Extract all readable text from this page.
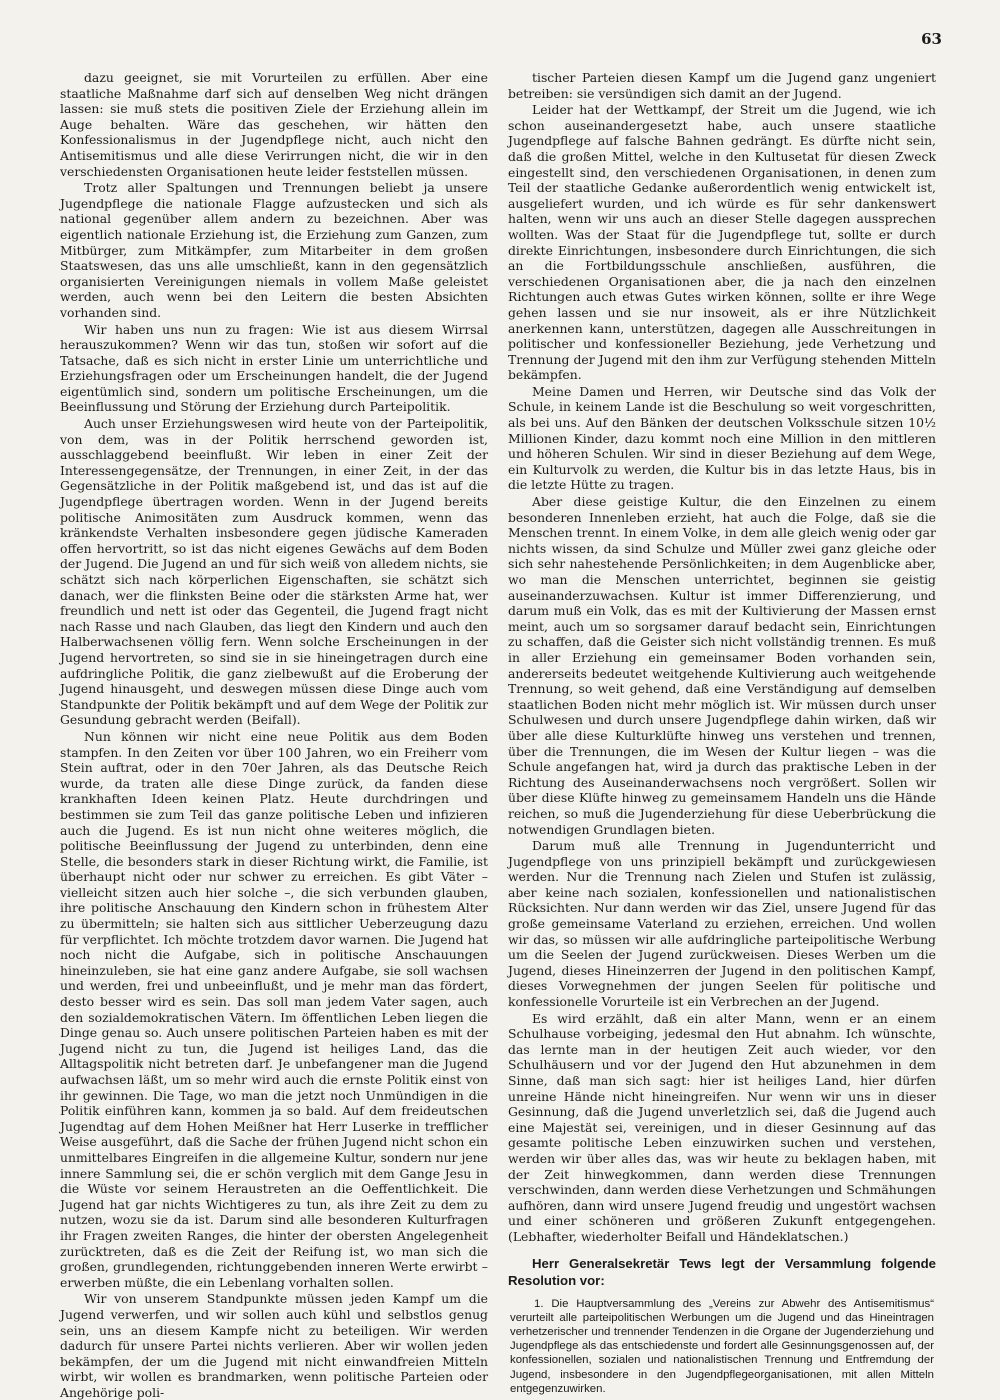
63

dazu geeignet, sie mit Vorurteilen zu erfüllen. Aber eine staatliche Maßnahme darf sich auf denselben Weg nicht drängen lassen: sie muß stets die positiven Ziele der Erziehung allein im Auge behalten. Wäre das geschehen, wir hätten den Konfessionalismus in der Jugendpflege nicht, auch nicht den Antisemitismus und alle diese Verirrungen nicht, die wir in den verschiedensten Organisationen heute leider feststellen müssen.

Trotz aller Spaltungen und Trennungen beliebt ja unsere Jugendpflege die nationale Flagge aufzustecken und sich als national gegenüber allem andern zu bezeichnen. Aber was eigentlich nationale Erziehung ist, die Erziehung zum Ganzen, zum Mitbürger, zum Mitkämpfer, zum Mitarbeiter in dem großen Staatswesen, das uns alle umschließt, kann in den gegensätzlich organisierten Vereinigungen niemals in vollem Maße geleistet werden, auch wenn bei den Leitern die besten Absichten vorhanden sind.

Wir haben uns nun zu fragen: Wie ist aus diesem Wirrsal herauszukommen? Wenn wir das tun, stoßen wir sofort auf die Tatsache, daß es sich nicht in erster Linie um unterrichtliche und Erziehungsfragen oder um Erscheinungen handelt, die der Jugend eigentümlich sind, sondern um politische Erscheinungen, um die Beeinflussung und Störung der Erziehung durch Parteipolitik.

Auch unser Erziehungswesen wird heute von der Parteipolitik, von dem, was in der Politik herrschend geworden ist, ausschlaggebend beeinflußt. Wir leben in einer Zeit der Interessengegensätze, der Trennungen, in einer Zeit, in der das Gegensätzliche in der Politik maßgebend ist, und das ist auf die Jugendpflege übertragen worden. Wenn in der Jugend bereits politische Animositäten zum Ausdruck kommen, wenn das kränkendste Verhalten insbesondere gegen jüdische Kameraden offen hervortritt, so ist das nicht eigenes Gewächs auf dem Boden der Jugend. Die Jugend an und für sich weiß von alledem nichts, sie schätzt sich nach körperlichen Eigenschaften, sie schätzt sich danach, wer die flinksten Beine oder die stärksten Arme hat, wer freundlich und nett ist oder das Gegenteil, die Jugend fragt nicht nach Rasse und nach Glauben, das liegt den Kindern und auch den Halberwachsenen völlig fern. Wenn solche Erscheinungen in der Jugend hervortreten, so sind sie in sie hineingetragen durch eine aufdringliche Politik, die ganz zielbewußt auf die Eroberung der Jugend hinausgeht, und deswegen müssen diese Dinge auch vom Standpunkte der Politik bekämpft und auf dem Wege der Politik zur Gesundung gebracht werden (Beifall).

Nun können wir nicht eine neue Politik aus dem Boden stampfen. In den Zeiten vor über 100 Jahren, wo ein Freiherr vom Stein auftrat, oder in den 70er Jahren, als das Deutsche Reich wurde, da traten alle diese Dinge zurück, da fanden diese krankhaften Ideen keinen Platz. Heute durchdringen und bestimmen sie zum Teil das ganze politische Leben und infizieren auch die Jugend. Es ist nun nicht ohne weiteres möglich, die politische Beeinflussung der Jugend zu unterbinden, denn eine Stelle, die besonders stark in dieser Richtung wirkt, die Familie, ist überhaupt nicht oder nur schwer zu erreichen. Es gibt Väter – vielleicht sitzen auch hier solche –, die sich verbunden glauben, ihre politische Anschauung den Kindern schon in frühestem Alter zu übermitteln; sie halten sich aus sittlicher Ueberzeugung dazu für verpflichtet. Ich möchte trotzdem davor warnen. Die Jugend hat noch nicht die Aufgabe, sich in politische Anschauungen hineinzuleben, sie hat eine ganz andere Aufgabe, sie soll wachsen und werden, frei und unbeeinflußt, und je mehr man das fördert, desto besser wird es sein. Das soll man jedem Vater sagen, auch den sozialdemokratischen Vätern. Im öffentlichen Leben liegen die Dinge genau so. Auch unsere politischen Parteien haben es mit der Jugend nicht zu tun, die Jugend ist heiliges Land, das die Alltagspolitik nicht betreten darf. Je unbefangener man die Jugend aufwachsen läßt, um so mehr wird auch die ernste Politik einst von ihr gewinnen. Die Tage, wo man die jetzt noch Unmündigen in die Politik einführen kann, kommen ja so bald. Auf dem freideutschen Jugendtag auf dem Hohen Meißner hat Herr Luserke in trefflicher Weise ausgeführt, daß die Sache der frühen Jugend nicht schon ein unmittelbares Eingreifen in die allgemeine Kultur, sondern nur jene innere Sammlung sei, die er schön verglich mit dem Gange Jesu in die Wüste vor seinem Heraustreten an die Oeffentlichkeit. Die Jugend hat gar nichts Wichtigeres zu tun, als ihre Zeit zu dem zu nutzen, wozu sie da ist. Darum sind alle besonderen Kulturfragen ihr Fragen zweiten Ranges, die hinter der obersten Angelegenheit zurücktreten, daß es die Zeit der Reifung ist, wo man sich die großen, grundlegenden, richtunggebenden inneren Werte erwirbt – erwerben müßte, die ein Lebenlang vorhalten sollen.

Wir von unserem Standpunkte müssen jeden Kampf um die Jugend verwerfen, und wir sollen auch kühl und selbstlos genug sein, uns an diesem Kampfe nicht zu beteiligen. Wir werden dadurch für unsere Partei nichts verlieren. Aber wir wollen jeden bekämpfen, der um die Jugend mit nicht einwandfreien Mitteln wirbt, wir wollen es brandmarken, wenn politische Parteien oder Angehörige poli-

tischer Parteien diesen Kampf um die Jugend ganz ungeniert betreiben: sie versündigen sich damit an der Jugend.

Leider hat der Wettkampf, der Streit um die Jugend, wie ich schon auseinandergesetzt habe, auch unsere staatliche Jugendpflege auf falsche Bahnen gedrängt. Es dürfte nicht sein, daß die großen Mittel, welche in den Kultusetat für diesen Zweck eingestellt sind, den verschiedenen Organisationen, in denen zum Teil der staatliche Gedanke außerordentlich wenig entwickelt ist, ausgeliefert wurden, und ich würde es für sehr dankenswert halten, wenn wir uns auch an dieser Stelle dagegen aussprechen wollten. Was der Staat für die Jugendpflege tut, sollte er durch direkte Einrichtungen, insbesondere durch Einrichtungen, die sich an die Fortbildungsschule anschließen, ausführen, die verschiedenen Organisationen aber, die ja nach den einzelnen Richtungen auch etwas Gutes wirken können, sollte er ihre Wege gehen lassen und sie nur insoweit, als er ihre Nützlichkeit anerkennen kann, unterstützen, dagegen alle Ausschreitungen in politischer und konfessioneller Beziehung, jede Verhetzung und Trennung der Jugend mit den ihm zur Verfügung stehenden Mitteln bekämpfen.

Meine Damen und Herren, wir Deutsche sind das Volk der Schule, in keinem Lande ist die Beschulung so weit vorgeschritten, als bei uns. Auf den Bänken der deutschen Volksschule sitzen 10½ Millionen Kinder, dazu kommt noch eine Million in den mittleren und höheren Schulen. Wir sind in dieser Beziehung auf dem Wege, ein Kulturvolk zu werden, die Kultur bis in das letzte Haus, bis in die letzte Hütte zu tragen.

Aber diese geistige Kultur, die den Einzelnen zu einem besonderen Innenleben erzieht, hat auch die Folge, daß sie die Menschen trennt. In einem Volke, in dem alle gleich wenig oder gar nichts wissen, da sind Schulze und Müller zwei ganz gleiche oder sich sehr nahestehende Persönlichkeiten; in dem Augenblicke aber, wo man die Menschen unterrichtet, beginnen sie geistig auseinanderzuwachsen. Kultur ist immer Differenzierung, und darum muß ein Volk, das es mit der Kultivierung der Massen ernst meint, auch um so sorgsamer darauf bedacht sein, Einrichtungen zu schaffen, daß die Geister sich nicht vollständig trennen. Es muß in aller Erziehung ein gemeinsamer Boden vorhanden sein, andererseits bedeutet weitgehende Kultivierung auch weitgehende Trennung, so weit gehend, daß eine Verständigung auf demselben staatlichen Boden nicht mehr möglich ist. Wir müssen durch unser Schulwesen und durch unsere Jugendpflege dahin wirken, daß wir über alle diese Kulturklüfte hinweg uns verstehen und trennen, über die Trennungen, die im Wesen der Kultur liegen – was die Schule angefangen hat, wird ja durch das praktische Leben in der Richtung des Auseinanderwachsens noch vergrößert. Sollen wir über diese Klüfte hinweg zu gemeinsamem Handeln uns die Hände reichen, so muß die Jugenderziehung für diese Ueberbrückung die notwendigen Grundlagen bieten.

Darum muß alle Trennung in Jugendunterricht und Jugendpflege von uns prinzipiell bekämpft und zurückgewiesen werden. Nur die Trennung nach Zielen und Stufen ist zulässig, aber keine nach sozialen, konfessionellen und nationalistischen Rücksichten. Nur dann werden wir das Ziel, unsere Jugend für das große gemeinsame Vaterland zu erziehen, erreichen. Und wollen wir das, so müssen wir alle aufdringliche parteipolitische Werbung um die Seelen der Jugend zurückweisen. Dieses Werben um die Jugend, dieses Hineinzerren der Jugend in den politischen Kampf, dieses Vorwegnehmen der jungen Seelen für politische und konfessionelle Vorurteile ist ein Verbrechen an der Jugend.

Es wird erzählt, daß ein alter Mann, wenn er an einem Schulhause vorbeiging, jedesmal den Hut abnahm. Ich wünschte, das lernte man in der heutigen Zeit auch wieder, vor den Schulhäusern und vor der Jugend den Hut abzunehmen in dem Sinne, daß man sich sagt: hier ist heiliges Land, hier dürfen unreine Hände nicht hineingreifen. Nur wenn wir uns in dieser Gesinnung, daß die Jugend unverletzlich sei, daß die Jugend auch eine Majestät sei, vereinigen, und in dieser Gesinnung auf das gesamte politische Leben einzuwirken suchen und verstehen, werden wir über alles das, was wir heute zu beklagen haben, mit der Zeit hinwegkommen, dann werden diese Trennungen verschwinden, dann werden diese Verhetzungen und Schmähungen aufhören, dann wird unsere Jugend freudig und ungestört wachsen und einer schöneren und größeren Zukunft entgegengehen. (Lebhafter, wiederholter Beifall und Händeklatschen.)

Herr Generalsekretär Tews legt der Versammlung folgende Resolution vor:

1. Die Hauptversammlung des „Vereins zur Abwehr des Antisemitismus“ verurteilt alle parteipolitischen Werbungen um die Jugend und das Hineintragen verhetzerischer und trennender Tendenzen in die Organe der Jugenderziehung und Jugendpflege als das entschiedenste und fordert alle Gesinnungsgenossen auf, der konfessionellen, sozialen und nationalistischen Trennung und Entfremdung der Jugend, insbesondere in den Jugendpflegeorganisationen, mit allen Mitteln entgegenzuwirken.
